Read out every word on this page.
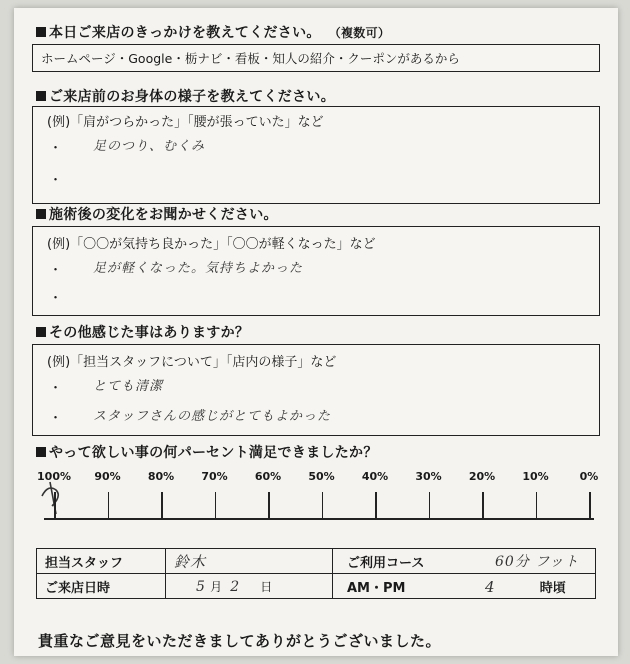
本日ご来店のきっかけを教えてください。 （複数可）
ホームページ・Google・栃ナビ・看板・知人の紹介・クーポンがあるから
ご来店前のお身体の様子を教えてください。
(例)「肩がつらかった」「腰が張っていた」など
・ 足のつり、むくみ
・
施術後の変化をお聞かせください。
(例)「〇〇が気持ち良かった」「〇〇が軽くなった」など
・ 足が軽くなった。気持ちよかった
・
その他感じた事はありますか？
(例)「担当スタッフについて」「店内の様子」など
・ とても清潔
・ スタッフさんの感じがとてもよかった
やって欲しい事の何パーセント満足できましたか？
100% 90% 80% 70% 60% 50% 40% 30% 20% 10%	0%
担当スタッフ	鈴木	ご利用コース	60分 フット
ご来店日時	5 月 2 日	AM・PM	4 時頃
貴重なご意見をいただきましてありがとうございました。
